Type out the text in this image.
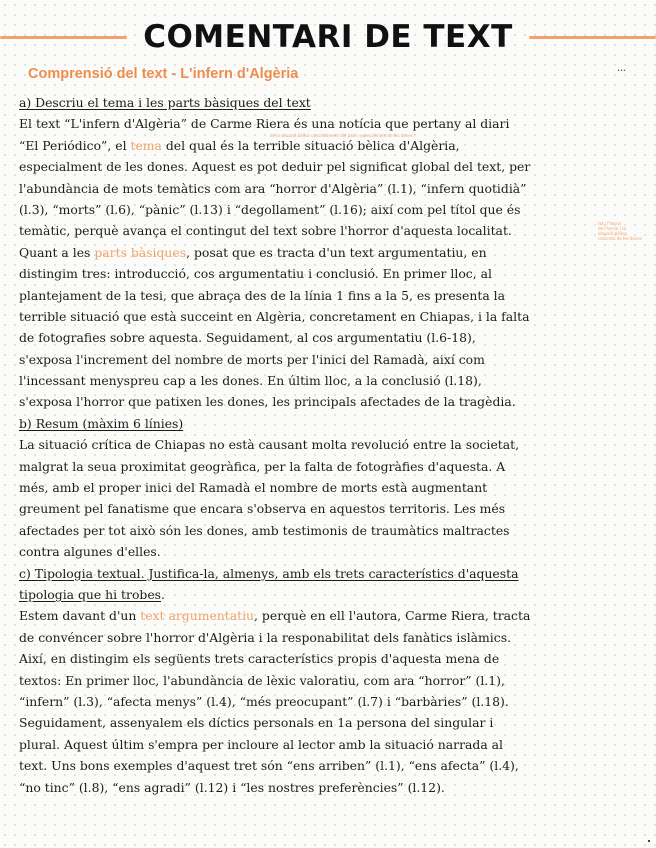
COMENTARI DE TEXT
Comprensió del text - L'infern d'Algèria	•••
de la situació bèlica concretament del país i especialment de les dones
tot i l'horror
de l'horror i la
situació bèlica
concreta de les dones
a) Descriu el tema i les parts bàsiques del text
El text “L'infern d'Algèria” de Carme Riera és una notícia que pertany al diari
“El Periódico”, el tema del qual és la terrible situació bèlica d'Algèria,
especialment de les dones. Aquest es pot deduir pel significat global del text, per
l'abundància de mots temàtics com ara “horror d'Algèria” (l.1), “infern quotidià”
(l.3), “morts” (l.6), “pànic” (l.13) i “degollament” (l.16); així com pel títol que és
temàtic, perquè avança el contingut del text sobre l'horror d'aquesta localitat.
Quant a les parts bàsiques, posat que es tracta d'un text argumentatiu, en
distingim tres: introducció, cos argumentatiu i conclusió. En primer lloc, al
plantejament de la tesi, que abraça des de la línia 1 fins a la 5, es presenta la
terrible situació que està succeint en Algèria, concretament en Chiapas, i la falta
de fotografies sobre aquesta. Seguidament, al cos argumentatiu (l.6-18),
s'exposa l'increment del nombre de morts per l'inici del Ramadà, així com
l'incessant menyspreu cap a les dones. En últim lloc, a la conclusió (l.18),
s'exposa l'horror que patixen les dones, les principals afectades de la tragèdia.
b) Resum (màxim 6 línies)
La situació crítica de Chiapas no està causant molta revolució entre la societat,
malgrat la seua proximitat geogràfica, per la falta de fotogràfies d'aquesta. A
més, amb el proper inici del Ramadà el nombre de morts està augmentant
greument pel fanatisme que encara s'observa en aquestos territoris. Les més
afectades per tot això són les dones, amb testimonis de traumàtics maltractes
contra algunes d'elles.
c) Tipologia textual. Justifica-la, almenys, amb els trets característics d'aquesta
tipologia que hi trobes.
Estem davant d'un text argumentatiu, perquè en ell l'autora, Carme Riera, tracta
de convéncer sobre l'horror d'Algèria i la responabilitat dels fanàtics islàmics.
Així, en distingim els següents trets característics propis d'aquesta mena de
textos: En primer lloc, l'abundància de lèxic valoratiu, com ara “horror” (l.1),
“infern” (l.3), “afecta menys” (l.4), “més preocupant” (l.7) i “barbàries” (l.18).
Seguidament, assenyalem els díctics personals en 1a persona del singular i
plural. Aquest últim s'empra per incloure al lector amb la situació narrada al
text. Uns bons exemples d'aquest tret són “ens arriben” (l.1), “ens afecta” (l.4),
“no tinc” (l.8), “ens agradi” (l.12) i “les nostres preferències” (l.12).
